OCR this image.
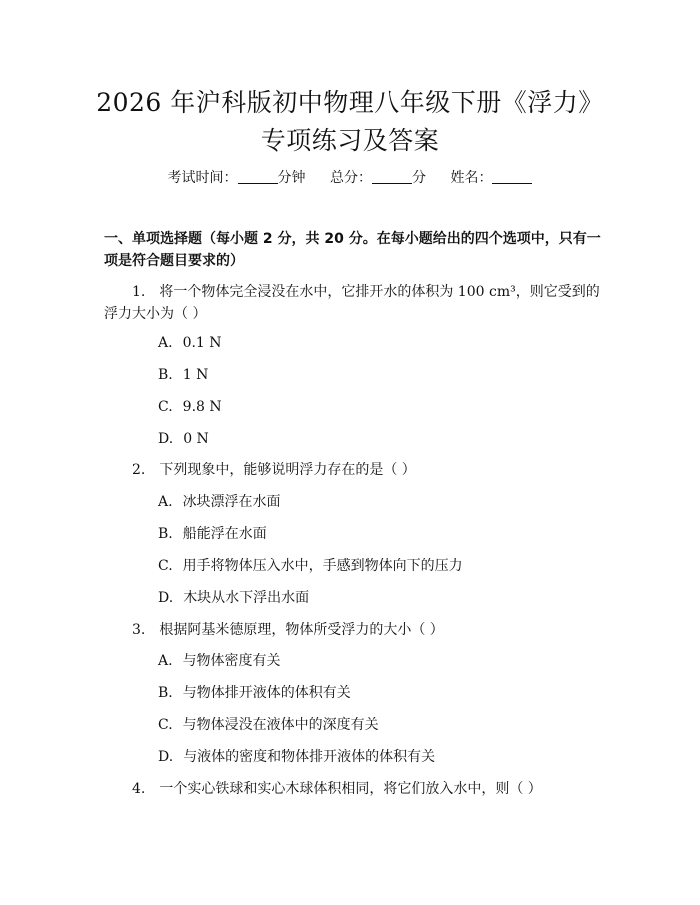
2026 年沪科版初中物理八年级下册《浮力》
专项练习及答案
考试时间：	分钟 总分：	分 姓名：

一、单项选择题（每小题 2 分，共 20 分。在每小题给出的四个选项中，只有一项是符合题目要求的）

1. 将一个物体完全浸没在水中，它排开水的体积为 100 cm³，则它受到的浮力大小为（ ）

A. 0.1 N

B. 1 N

C. 9.8 N

D. 0 N

2. 下列现象中，能够说明浮力存在的是（ ）

A. 冰块漂浮在水面

B. 船能浮在水面

C. 用手将物体压入水中，手感到物体向下的压力

D. 木块从水下浮出水面

3. 根据阿基米德原理，物体所受浮力的大小（ ）

A. 与物体密度有关

B. 与物体排开液体的体积有关

C. 与物体浸没在液体中的深度有关

D. 与液体的密度和物体排开液体的体积有关

4. 一个实心铁球和实心木球体积相同，将它们放入水中，则（ ）
